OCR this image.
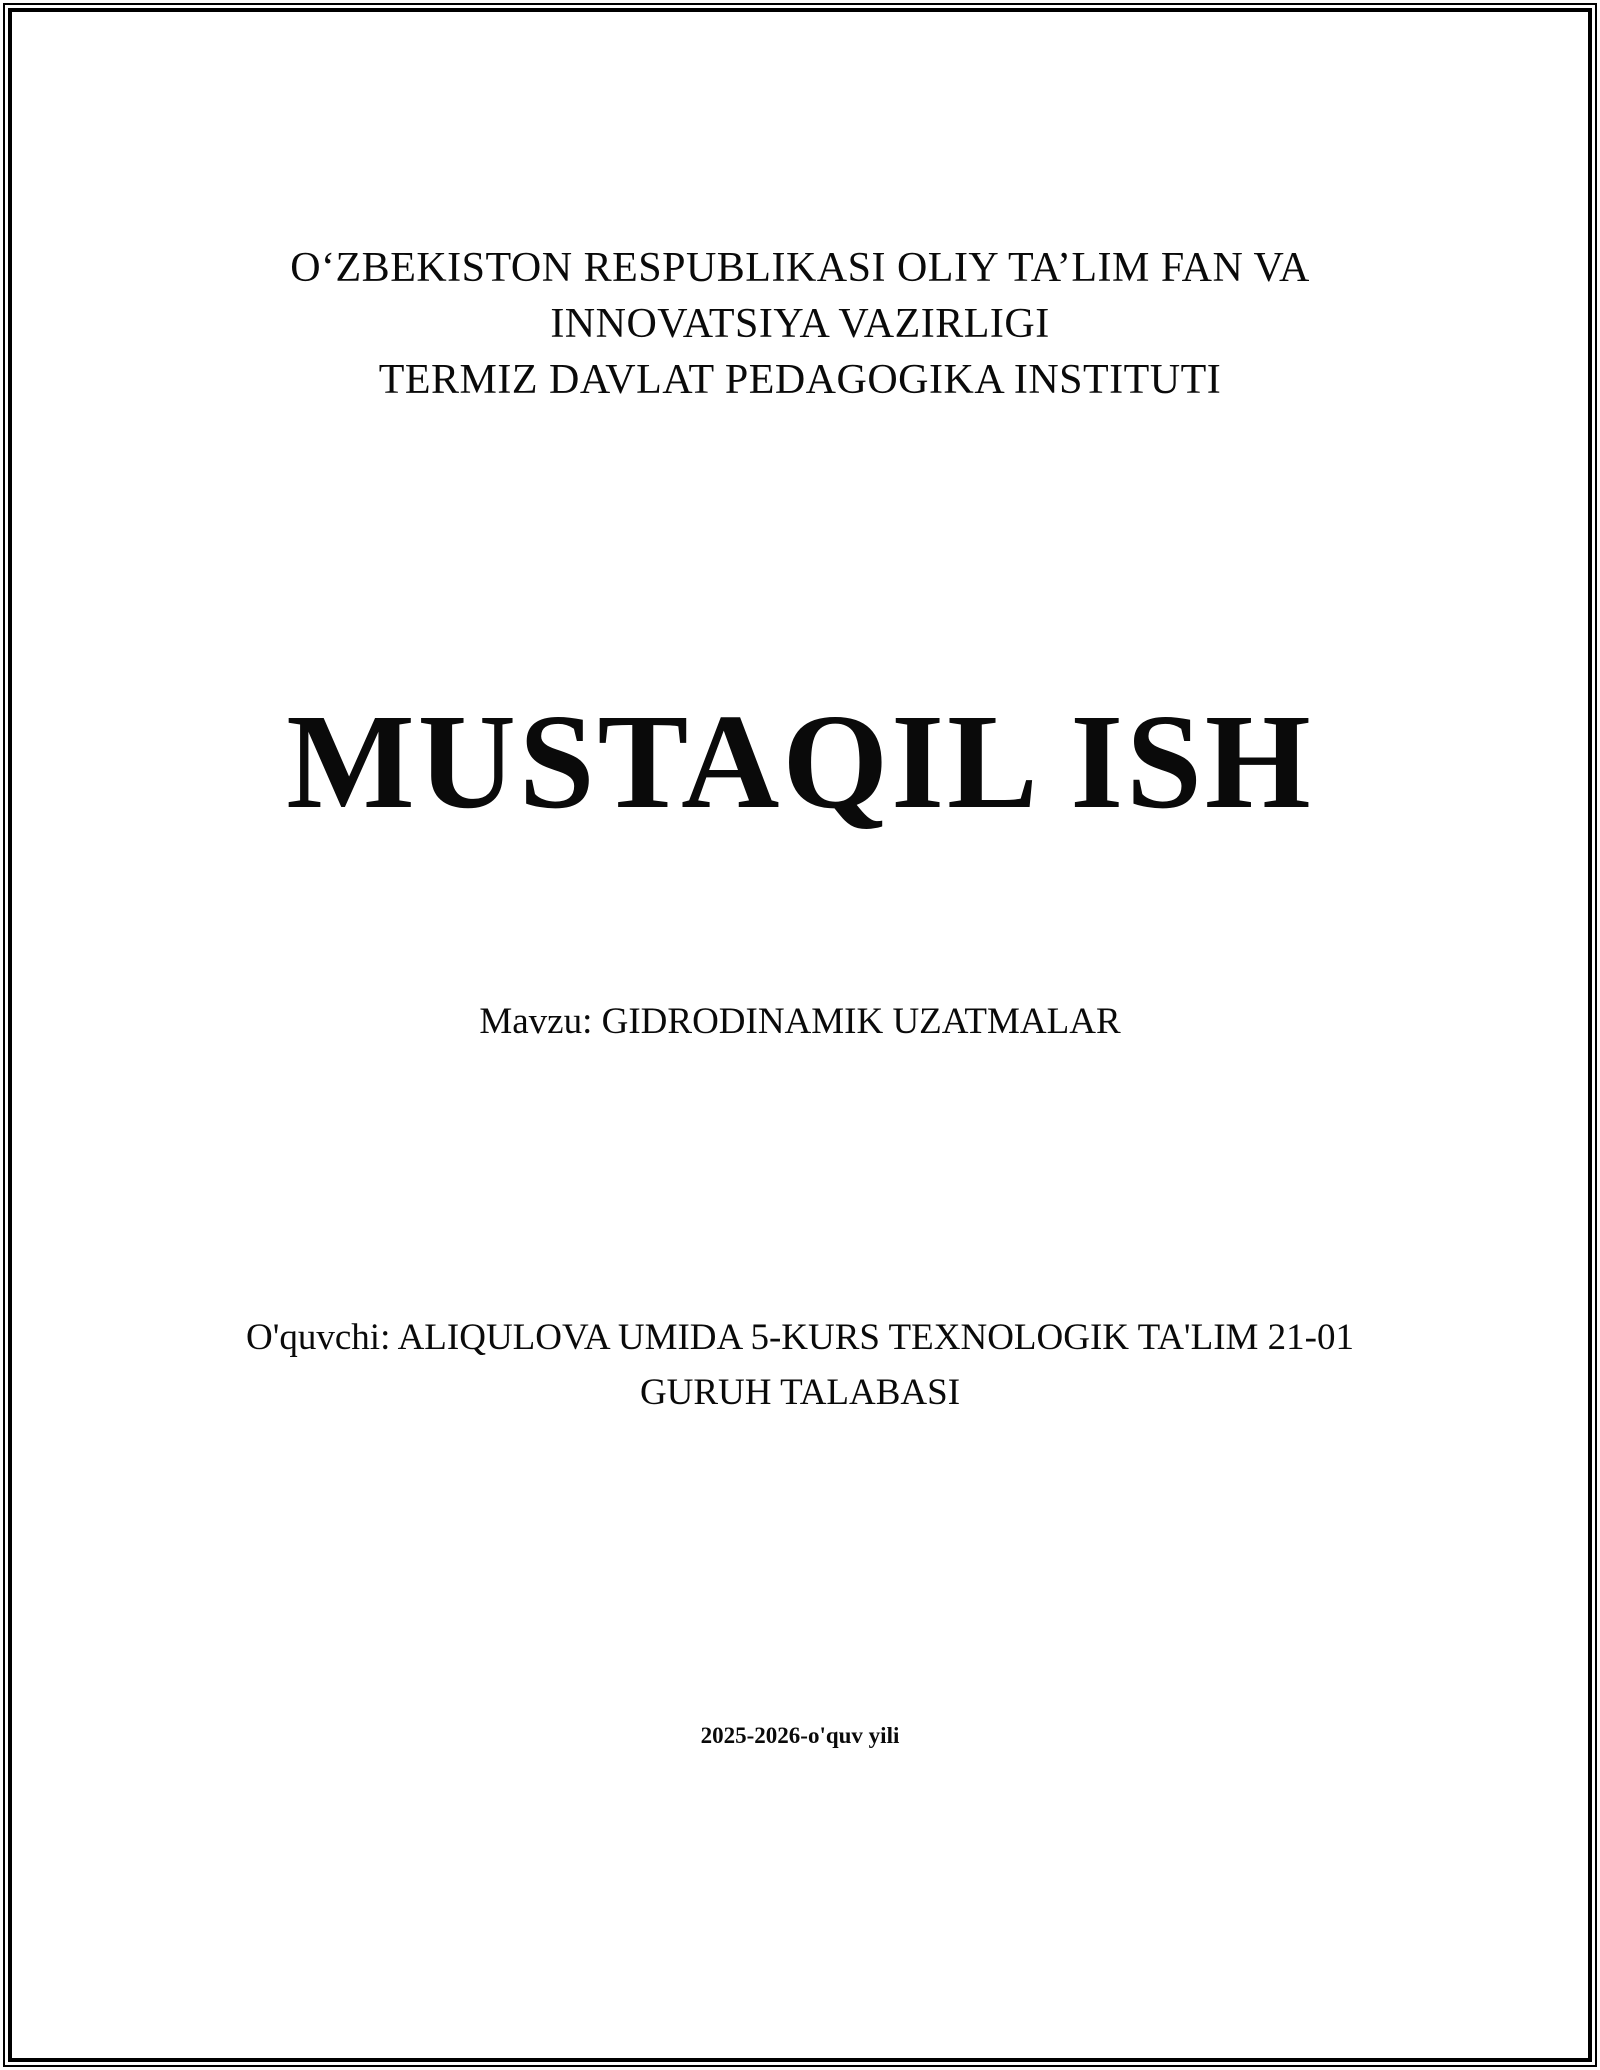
O‘ZBEKISTON RESPUBLIKASI OLIY TA’LIM FAN VA
INNOVATSIYA VAZIRLIGI
TERMIZ DAVLAT PEDAGOGIKA INSTITUTI
MUSTAQIL ISH
Mavzu: GIDRODINAMIK UZATMALAR
O'quvchi: ALIQULOVA UMIDA 5-KURS TEXNOLOGIK TA'LIM 21-01
GURUH TALABASI
2025-2026-o'quv yili
